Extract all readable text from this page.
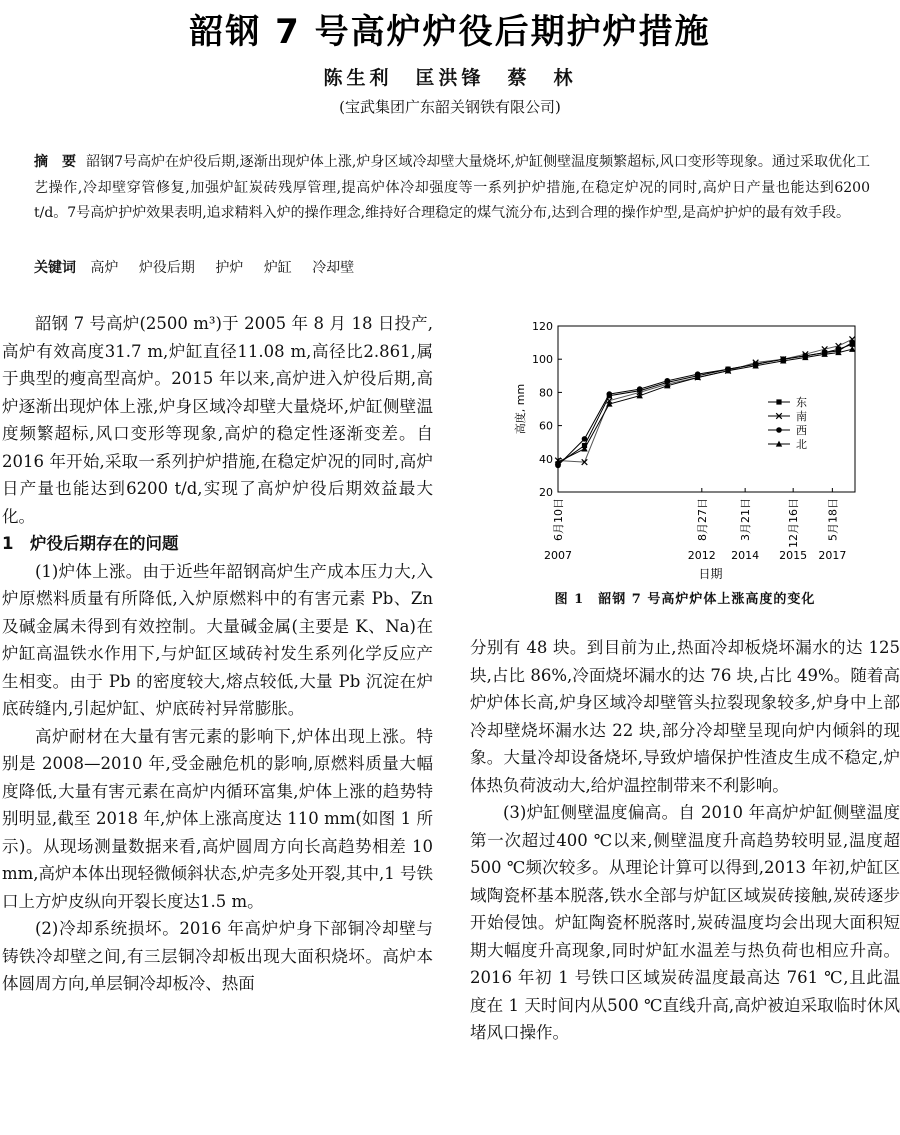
韶钢 7 号高炉炉役后期护炉措施
陈生利　匡洪锋　蔡　林
(宝武集团广东韶关钢铁有限公司)
摘　要 韶钢7号高炉在炉役后期,逐渐出现炉体上涨,炉身区域冷却壁大量烧坏,炉缸侧壁温度频繁超标,风口变形等现象。通过采取优化工艺操作,冷却壁穿管修复,加强炉缸炭砖残厚管理,提高炉体冷却强度等一系列护炉措施,在稳定炉况的同时,高炉日产量也能达到6200 t/d。7号高炉护炉效果表明,追求精料入炉的操作理念,维持好合理稳定的煤气流分布,达到合理的操作炉型,是高炉护炉的最有效手段。
关键词 高炉 炉役后期 护炉 炉缸 冷却壁

韶钢 7 号高炉(2500 m³)于 2005 年 8 月 18 日投产,高炉有效高度31.7 m,炉缸直径11.08 m,高径比2.861,属于典型的瘦高型高炉。2015 年以来,高炉进入炉役后期,高炉逐渐出现炉体上涨,炉身区域冷却壁大量烧坏,炉缸侧壁温度频繁超标,风口变形等现象,高炉的稳定性逐渐变差。自 2016 年开始,采取一系列护炉措施,在稳定炉况的同时,高炉日产量也能达到6200 t/d,实现了高炉炉役后期效益最大化。

1　炉役后期存在的问题

(1)炉体上涨。由于近些年韶钢高炉生产成本压力大,入炉原燃料质量有所降低,入炉原燃料中的有害元素 Pb、Zn 及碱金属未得到有效控制。大量碱金属(主要是 K、Na)在炉缸高温铁水作用下,与炉缸区域砖衬发生系列化学反应产生相变。由于 Pb 的密度较大,熔点较低,大量 Pb 沉淀在炉底砖缝内,引起炉缸、炉底砖衬异常膨胀。

高炉耐材在大量有害元素的影响下,炉体出现上涨。特别是 2008—2010 年,受金融危机的影响,原燃料质量大幅度降低,大量有害元素在高炉内循环富集,炉体上涨的趋势特别明显,截至 2018 年,炉体上涨高度达 110 mm(如图 1 所示)。从现场测量数据来看,高炉圆周方向长高趋势相差 10 mm,高炉本体出现轻微倾斜状态,炉壳多处开裂,其中,1 号铁口上方炉皮纵向开裂长度达1.5 m。

(2)冷却系统损坏。2016 年高炉炉身下部铜冷却壁与铸铁冷却壁之间,有三层铜冷却板出现大面积烧坏。高炉本体圆周方向,单层铜冷却板冷、热面

20
40
60
80
100
120
6月10日
2007
8月27日
2012
3月21日
2014
12月16日
2015
5月18日
2017
日期
高度, mm	东
南
西
北
图 1　韶钢 7 号高炉炉体上涨高度的变化

分别有 48 块。到目前为止,热面冷却板烧坏漏水的达 125 块,占比 86%,冷面烧坏漏水的达 76 块,占比 49%。随着高炉炉体长高,炉身区域冷却壁管头拉裂现象较多,炉身中上部冷却壁烧坏漏水达 22 块,部分冷却壁呈现向炉内倾斜的现象。大量冷却设备烧坏,导致炉墙保护性渣皮生成不稳定,炉体热负荷波动大,给炉温控制带来不利影响。

(3)炉缸侧壁温度偏高。自 2010 年高炉炉缸侧壁温度第一次超过400 ℃以来,侧壁温度升高趋势较明显,温度超500 ℃频次较多。从理论计算可以得到,2013 年初,炉缸区域陶瓷杯基本脱落,铁水全部与炉缸区域炭砖接触,炭砖逐步开始侵蚀。炉缸陶瓷杯脱落时,炭砖温度均会出现大面积短期大幅度升高现象,同时炉缸水温差与热负荷也相应升高。2016 年初 1 号铁口区域炭砖温度最高达 761 ℃,且此温度在 1 天时间内从500 ℃直线升高,高炉被迫采取临时休风堵风口操作。
